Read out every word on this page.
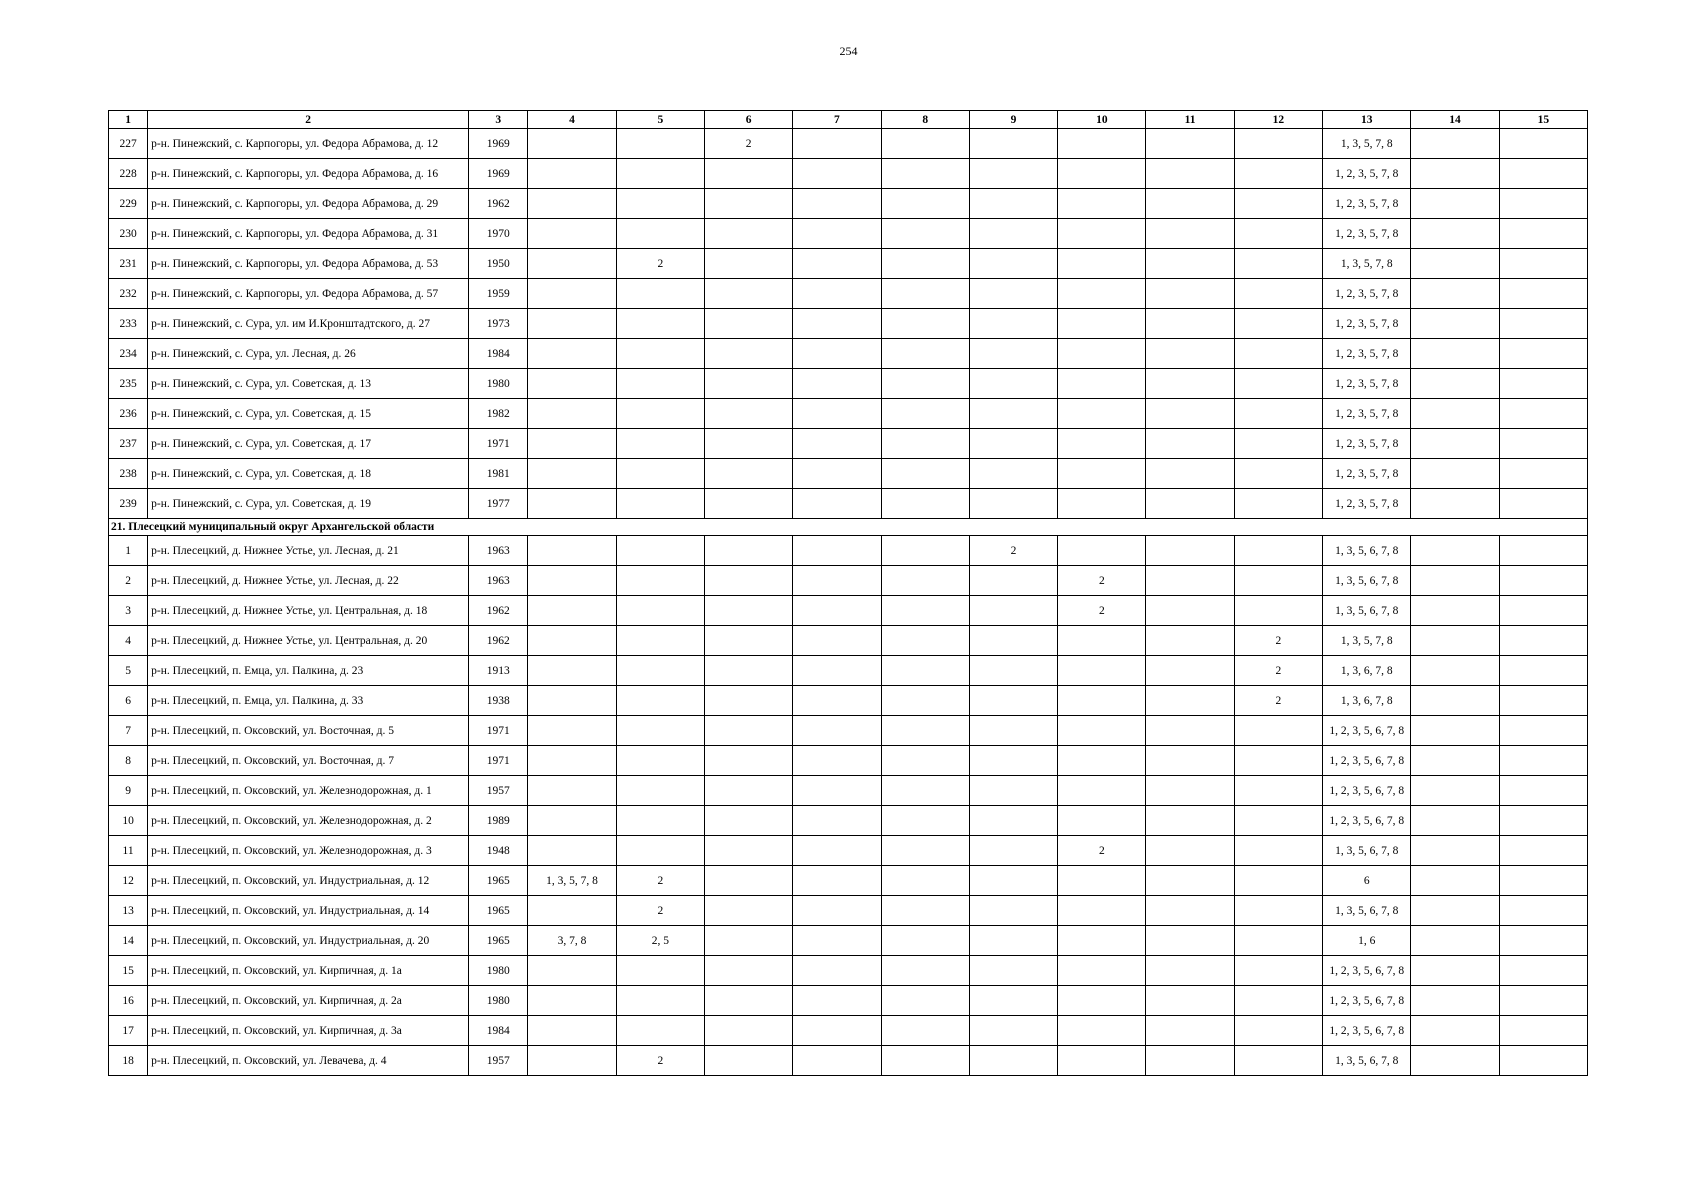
254
1	2	3	4	5	6	7	8	9	10	11	12	13	14	15
227	р-н. Пинежский, с. Карпогоры, ул. Федора Абрамова, д. 12	1969			2							1, 3, 5, 7, 8		
228	р-н. Пинежский, с. Карпогоры, ул. Федора Абрамова, д. 16	1969										1, 2, 3, 5, 7, 8		
229	р-н. Пинежский, с. Карпогоры, ул. Федора Абрамова, д. 29	1962										1, 2, 3, 5, 7, 8		
230	р-н. Пинежский, с. Карпогоры, ул. Федора Абрамова, д. 31	1970										1, 2, 3, 5, 7, 8		
231	р-н. Пинежский, с. Карпогоры, ул. Федора Абрамова, д. 53	1950		2								1, 3, 5, 7, 8		
232	р-н. Пинежский, с. Карпогоры, ул. Федора Абрамова, д. 57	1959										1, 2, 3, 5, 7, 8		
233	р-н. Пинежский, с. Сура, ул. им И.Кронштадтского, д. 27	1973										1, 2, 3, 5, 7, 8		
234	р-н. Пинежский, с. Сура, ул. Лесная, д. 26	1984										1, 2, 3, 5, 7, 8		
235	р-н. Пинежский, с. Сура, ул. Советская, д. 13	1980										1, 2, 3, 5, 7, 8		
236	р-н. Пинежский, с. Сура, ул. Советская, д. 15	1982										1, 2, 3, 5, 7, 8		
237	р-н. Пинежский, с. Сура, ул. Советская, д. 17	1971										1, 2, 3, 5, 7, 8		
238	р-н. Пинежский, с. Сура, ул. Советская, д. 18	1981										1, 2, 3, 5, 7, 8		
239	р-н. Пинежский, с. Сура, ул. Советская, д. 19	1977										1, 2, 3, 5, 7, 8		
21. Плесецкий муниципальный округ Архангельской области														
1	р-н. Плесецкий, д. Нижнее Устье, ул. Лесная, д. 21	1963						2				1, 3, 5, 6, 7, 8		
2	р-н. Плесецкий, д. Нижнее Устье, ул. Лесная, д. 22	1963							2			1, 3, 5, 6, 7, 8		
3	р-н. Плесецкий, д. Нижнее Устье, ул. Центральная, д. 18	1962							2			1, 3, 5, 6, 7, 8		
4	р-н. Плесецкий, д. Нижнее Устье, ул. Центральная, д. 20	1962									2	1, 3, 5, 7, 8		
5	р-н. Плесецкий, п. Емца, ул. Палкина, д. 23	1913									2	1, 3, 6, 7, 8		
6	р-н. Плесецкий, п. Емца, ул. Палкина, д. 33	1938									2	1, 3, 6, 7, 8		
7	р-н. Плесецкий, п. Оксовский, ул. Восточная, д. 5	1971										1, 2, 3, 5, 6, 7, 8		
8	р-н. Плесецкий, п. Оксовский, ул. Восточная, д. 7	1971										1, 2, 3, 5, 6, 7, 8		
9	р-н. Плесецкий, п. Оксовский, ул. Железнодорожная, д. 1	1957										1, 2, 3, 5, 6, 7, 8		
10	р-н. Плесецкий, п. Оксовский, ул. Железнодорожная, д. 2	1989										1, 2, 3, 5, 6, 7, 8		
11	р-н. Плесецкий, п. Оксовский, ул. Железнодорожная, д. 3	1948							2			1, 3, 5, 6, 7, 8		
12	р-н. Плесецкий, п. Оксовский, ул. Индустриальная, д. 12	1965	1, 3, 5, 7, 8	2								6		
13	р-н. Плесецкий, п. Оксовский, ул. Индустриальная, д. 14	1965		2								1, 3, 5, 6, 7, 8		
14	р-н. Плесецкий, п. Оксовский, ул. Индустриальная, д. 20	1965	3, 7, 8	2, 5								1, 6		
15	р-н. Плесецкий, п. Оксовский, ул. Кирпичная, д. 1а	1980										1, 2, 3, 5, 6, 7, 8		
16	р-н. Плесецкий, п. Оксовский, ул. Кирпичная, д. 2а	1980										1, 2, 3, 5, 6, 7, 8		
17	р-н. Плесецкий, п. Оксовский, ул. Кирпичная, д. 3а	1984										1, 2, 3, 5, 6, 7, 8		
18	р-н. Плесецкий, п. Оксовский, ул. Левачева, д. 4	1957		2								1, 3, 5, 6, 7, 8		
